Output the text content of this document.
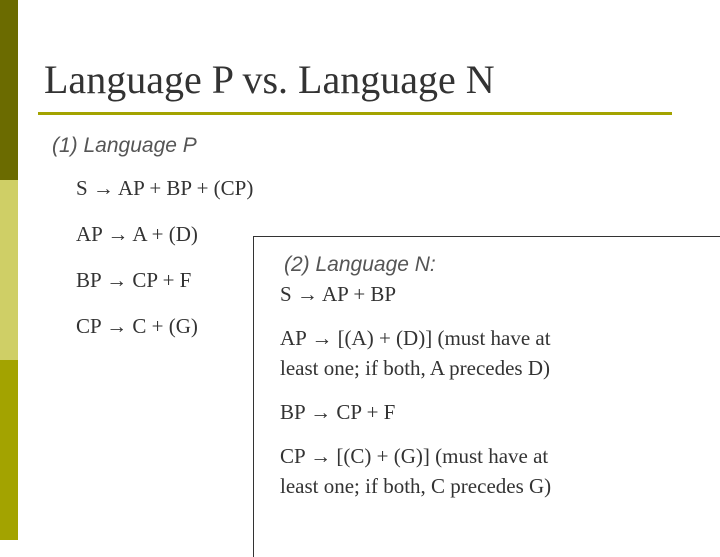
Language P vs. Language N
(1) Language P
S → AP + BP + (CP)
AP → A + (D)
BP → CP + F
CP → C + (G)
(2) Language N:
S → AP + BP
AP → [(A) + (D)] (must have at
least one; if both, A precedes D)
BP → CP + F
CP → [(C) + (G)] (must have at
least one; if both, C precedes G)
